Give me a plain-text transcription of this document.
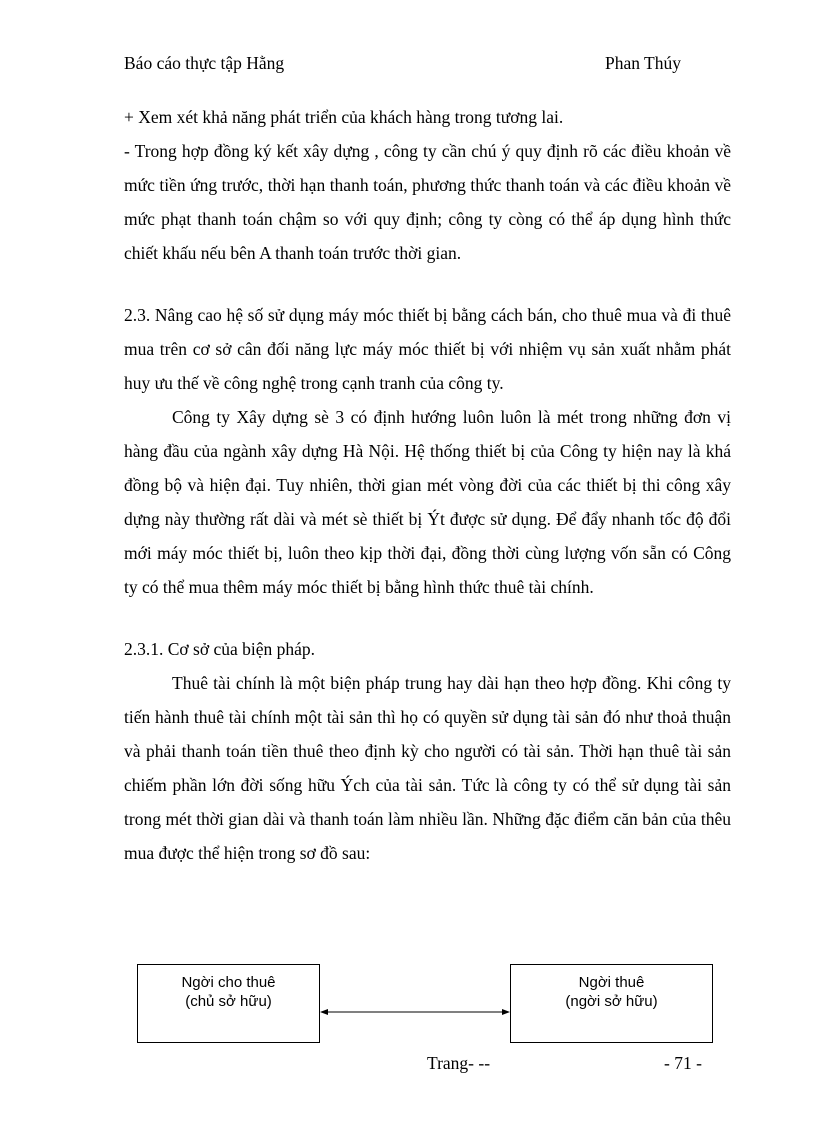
Báo cáo thực tập Hằng	Phan Thúy

+ Xem xét khả năng phát triển của khách hàng trong tương lai.

- Trong hợp đồng ký kết xây dựng , công ty cần chú ý quy định rõ các điều khoản về mức tiền ứng trước, thời hạn thanh toán, phương thức thanh toán và các điều khoản về mức phạt thanh toán chậm so với quy định; công ty còng có thể áp dụng hình thức chiết khấu nếu bên A thanh toán trước thời gian.

2.3. Nâng cao hệ số sử dụng máy móc thiết bị bằng cách bán, cho thuê mua và đi thuê mua trên cơ sở cân đối năng lực máy móc thiết bị với nhiệm vụ sản xuất nhằm phát huy ưu thế về công nghệ trong cạnh tranh của công ty.

Công ty Xây dựng sè 3 có định hướng luôn luôn là mét trong những đơn vị hàng đầu của ngành xây dựng Hà Nội. Hệ thống thiết bị của Công ty hiện nay là khá đồng bộ và hiện đại. Tuy nhiên, thời gian mét vòng đời của các thiết bị thi công xây dựng này thường rất dài và mét sè thiết bị Ýt được sử dụng. Để đẩy nhanh tốc độ đổi mới máy móc thiết bị, luôn theo kịp thời đại, đồng thời cùng lượng vốn sẵn có Công ty có thể mua thêm máy móc thiết bị bằng hình thức thuê tài chính.

2.3.1. Cơ sở của biện pháp.

Thuê tài chính là một biện pháp trung hay dài hạn theo hợp đồng. Khi công ty tiến hành thuê tài chính một tài sản thì họ có quyền sử dụng tài sản đó như thoả thuận và phải thanh toán tiền thuê theo định kỳ cho người có tài sản. Thời hạn thuê tài sản chiếm phần lớn đời sống hữu Ých của tài sản. Tức là công ty có thể sử dụng tài sản trong mét thời gian dài và thanh toán làm nhiều lần. Những đặc điểm căn bản của thêu mua được thể hiện trong sơ đồ sau:

Ngời cho thuê
(chủ sở hữu)
Ngời thuê
(ngời sở hữu)
Trang- --	- 71 -
